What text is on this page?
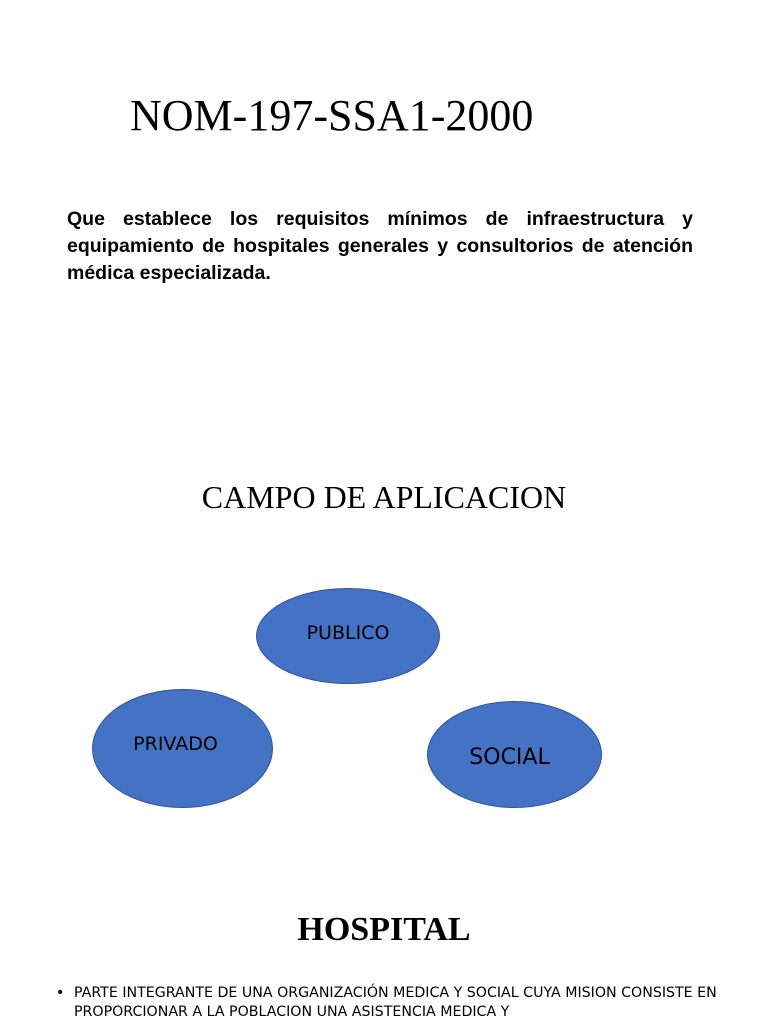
NOM-197-SSA1-2000
Que establece los requisitos mínimos de infraestructura y equipamiento de hospitales generales y consultorios de atención médica especializada.
CAMPO DE APLICACION
PUBLICO
PRIVADO
SOCIAL
HOSPITAL
• PARTE INTEGRANTE DE UNA ORGANIZACIÓN MEDICA Y SOCIAL CUYA MISION CONSISTE EN PROPORCIONAR A LA POBLACION UNA ASISTENCIA MEDICA Y
